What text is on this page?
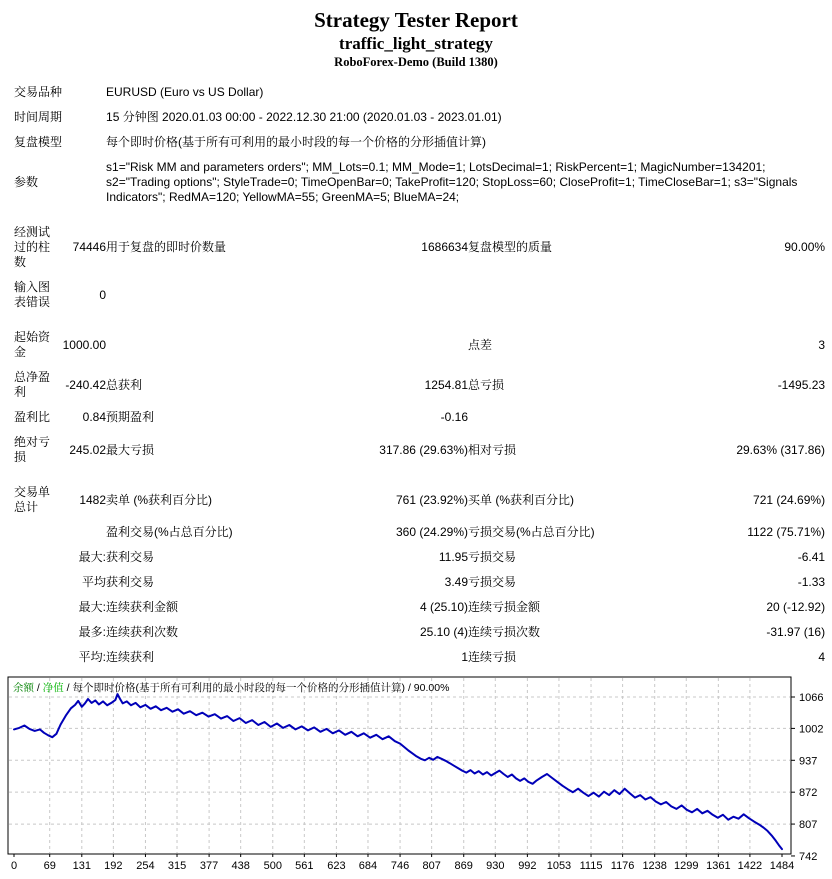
Strategy Tester Report
traffic_light_strategy
RoboForex-Demo (Build 1380)
交易品种		EURUSD (Euro vs US Dollar)			
时间周期		15 分钟图 2020.01.03 00:00 - 2022.12.30 21:00 (2020.01.03 - 2023.01.01)			
复盘模型		每个即时价格(基于所有可利用的最小时段的每一个价格的分形插值计算)			
参数		s1="Risk MM and parameters orders"; MM_Lots=0.1; MM_Mode=1; LotsDecimal=1; RiskPercent=1; MagicNumber=134201; s2="Trading options"; StyleTrade=0; TimeOpenBar=0; TakeProfit=120; StopLoss=60; CloseProfit=1; TimeCloseBar=1; s3="Signals Indicators"; RedMA=120; YellowMA=55; GreenMA=5; BlueMA=24;			

经测试过的柱数	74446	用于复盘的即时价数量	1686634	复盘模型的质量	90.00%
输入图表错误	0				

起始资金	1000.00			点差	3
总净盈利	-240.42	总获利	1254.81	总亏损	-1495.23
盈利比	0.84	预期盈利	-0.16		
绝对亏损	245.02	最大亏损	317.86 (29.63%)	相对亏损	29.63% (317.86)

交易单总计	1482	卖单 (%获利百分比)	761 (23.92%)	买单 (%获利百分比)	721 (24.69%)
		盈利交易(%占总百分比)	360 (24.29%)	亏损交易(%占总百分比)	1122 (75.71%)
	最大:	获利交易	11.95	亏损交易	-6.41
	平均	获利交易	3.49	亏损交易	-1.33
	最大:	连续获利金额	4 (25.10)	连续亏损金额	20 (-12.92)
	最多:	连续获利次数	25.10 (4)	连续亏损次数	-31.97 (16)
	平均:	连续获利	1	连续亏损	4
0 69 131 192 254 315 377 438 500 561 623 684 746 807 869 930 992 1053 1115 1176 1238 1299 1361 1422 1484
1066
1002
937
872
807
742
余额 / 净值 / 每个即时价格(基于所有可利用的最小时段的每一个价格的分形插值计算) / 90.00%
